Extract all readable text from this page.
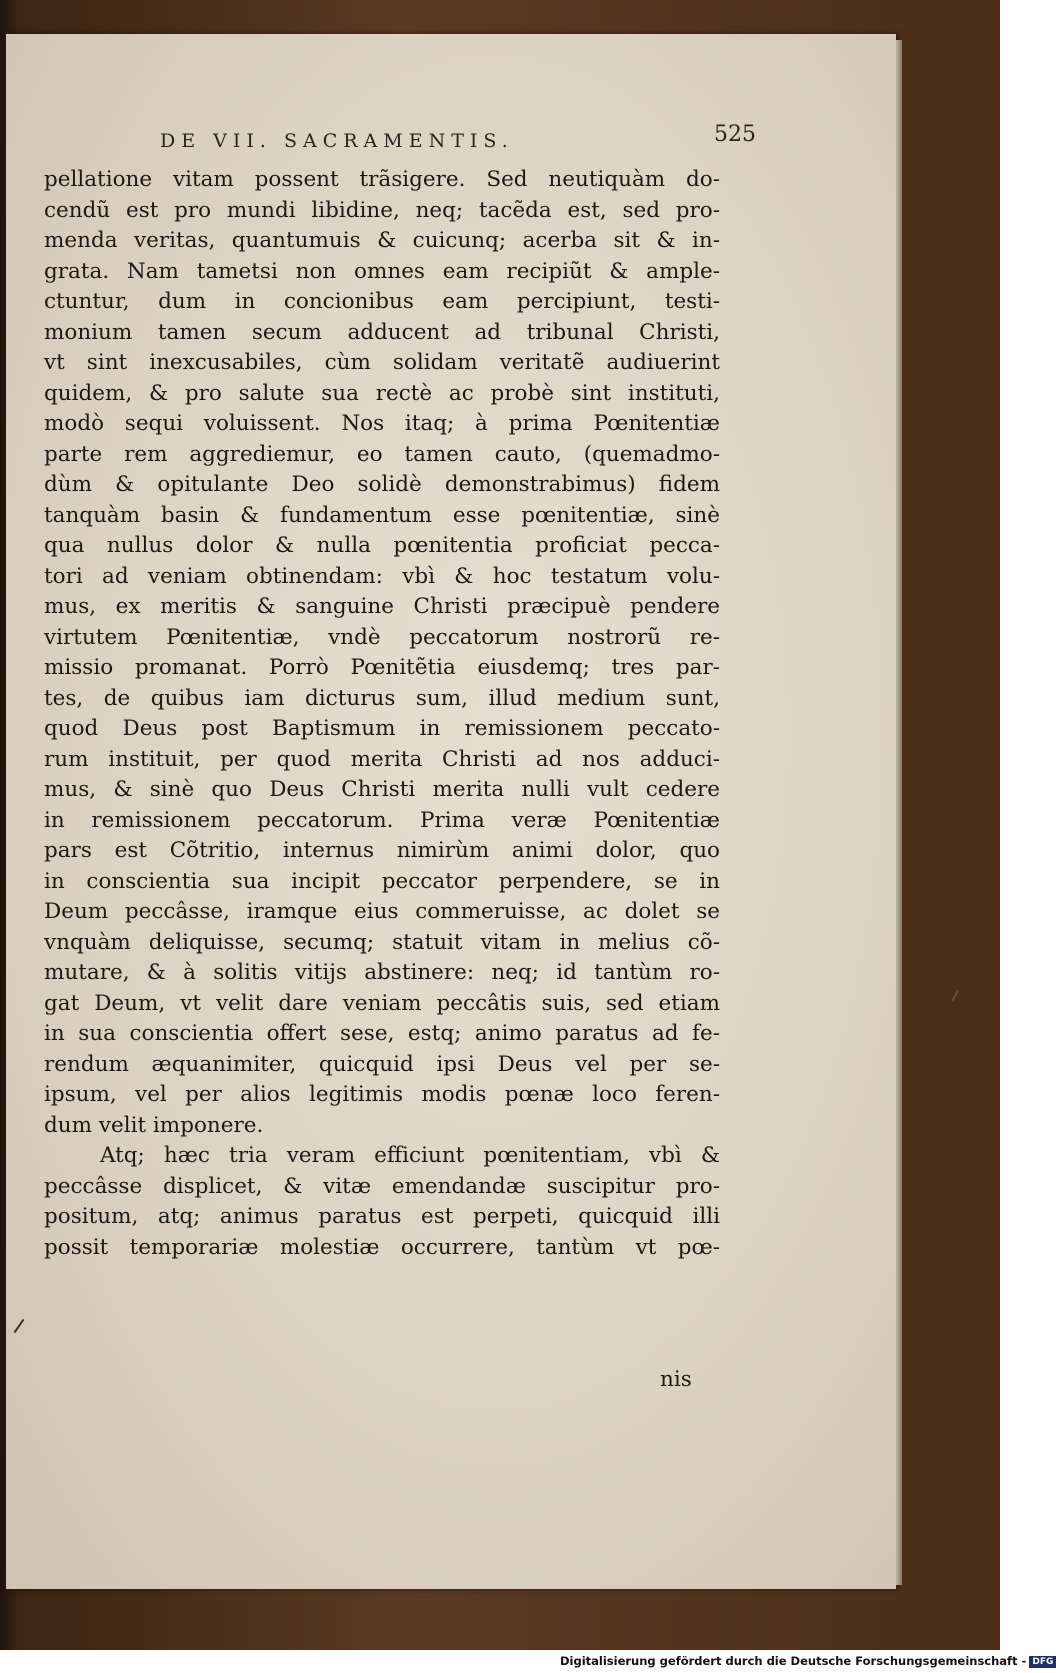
DE VII. SACRAMENTIS.	525
pellatione vitam possent trãsigere. Sed neutiquàm do-
cendũ est pro mundi libidine, neq; tacẽda est, sed pro-
menda veritas, quantumuis & cuicunq; acerba sit & in-
grata. Nam tametsi non omnes eam recipiũt & ample-
ctuntur, dum in concionibus eam percipiunt, testi-
monium tamen secum adducent ad tribunal Christi,
vt sint inexcusabiles, cùm solidam veritatẽ audiuerint
quidem, & pro salute sua rectè ac probè sint instituti,
modò sequi voluissent. Nos itaq; à prima Pœnitentiæ
parte rem aggrediemur, eo tamen cauto, (quemadmo-
dùm & opitulante Deo solidè demonstrabimus) fidem
tanquàm basin & fundamentum esse pœnitentiæ, sinè
qua nullus dolor & nulla pœnitentia proficiat pecca-
tori ad veniam obtinendam: vbì & hoc testatum volu-
mus, ex meritis & sanguine Christi præcipuè pendere
virtutem Pœnitentiæ, vndè peccatorum nostrorũ re-
missio promanat. Porrò Pœnitẽtia eiusdemq; tres par-
tes, de quibus iam dicturus sum, illud medium sunt,
quod Deus post Baptismum in remissionem peccato-
rum instituit, per quod merita Christi ad nos adduci-
mus, & sinè quo Deus Christi merita nulli vult cedere
in remissionem peccatorum. Prima veræ Pœnitentiæ
pars est Cõtritio, internus nimirùm animi dolor, quo
in conscientia sua incipit peccator perpendere, se in
Deum peccâsse, iramque eius commeruisse, ac dolet se
vnquàm deliquisse, secumq; statuit vitam in melius cõ-
mutare, & à solitis vitijs abstinere: neq; id tantùm ro-
gat Deum, vt velit dare veniam peccâtis suis, sed etiam
in sua conscientia offert sese, estq; animo paratus ad fe-
rendum æquanimiter, quicquid ipsi Deus vel per se-
ipsum, vel per alios legitimis modis pœnæ loco feren-
dum velit imponere.
Atq; hæc tria veram efficiunt pœnitentiam, vbì &
peccâsse displicet, & vitæ emendandæ suscipitur pro-
positum, atq; animus paratus est perpeti, quicquid illi
possit temporariæ molestiæ occurrere, tantùm vt pœ-
nis
Digitalisierung gefördert durch die Deutsche Forschungsgemeinschaft - DFG
